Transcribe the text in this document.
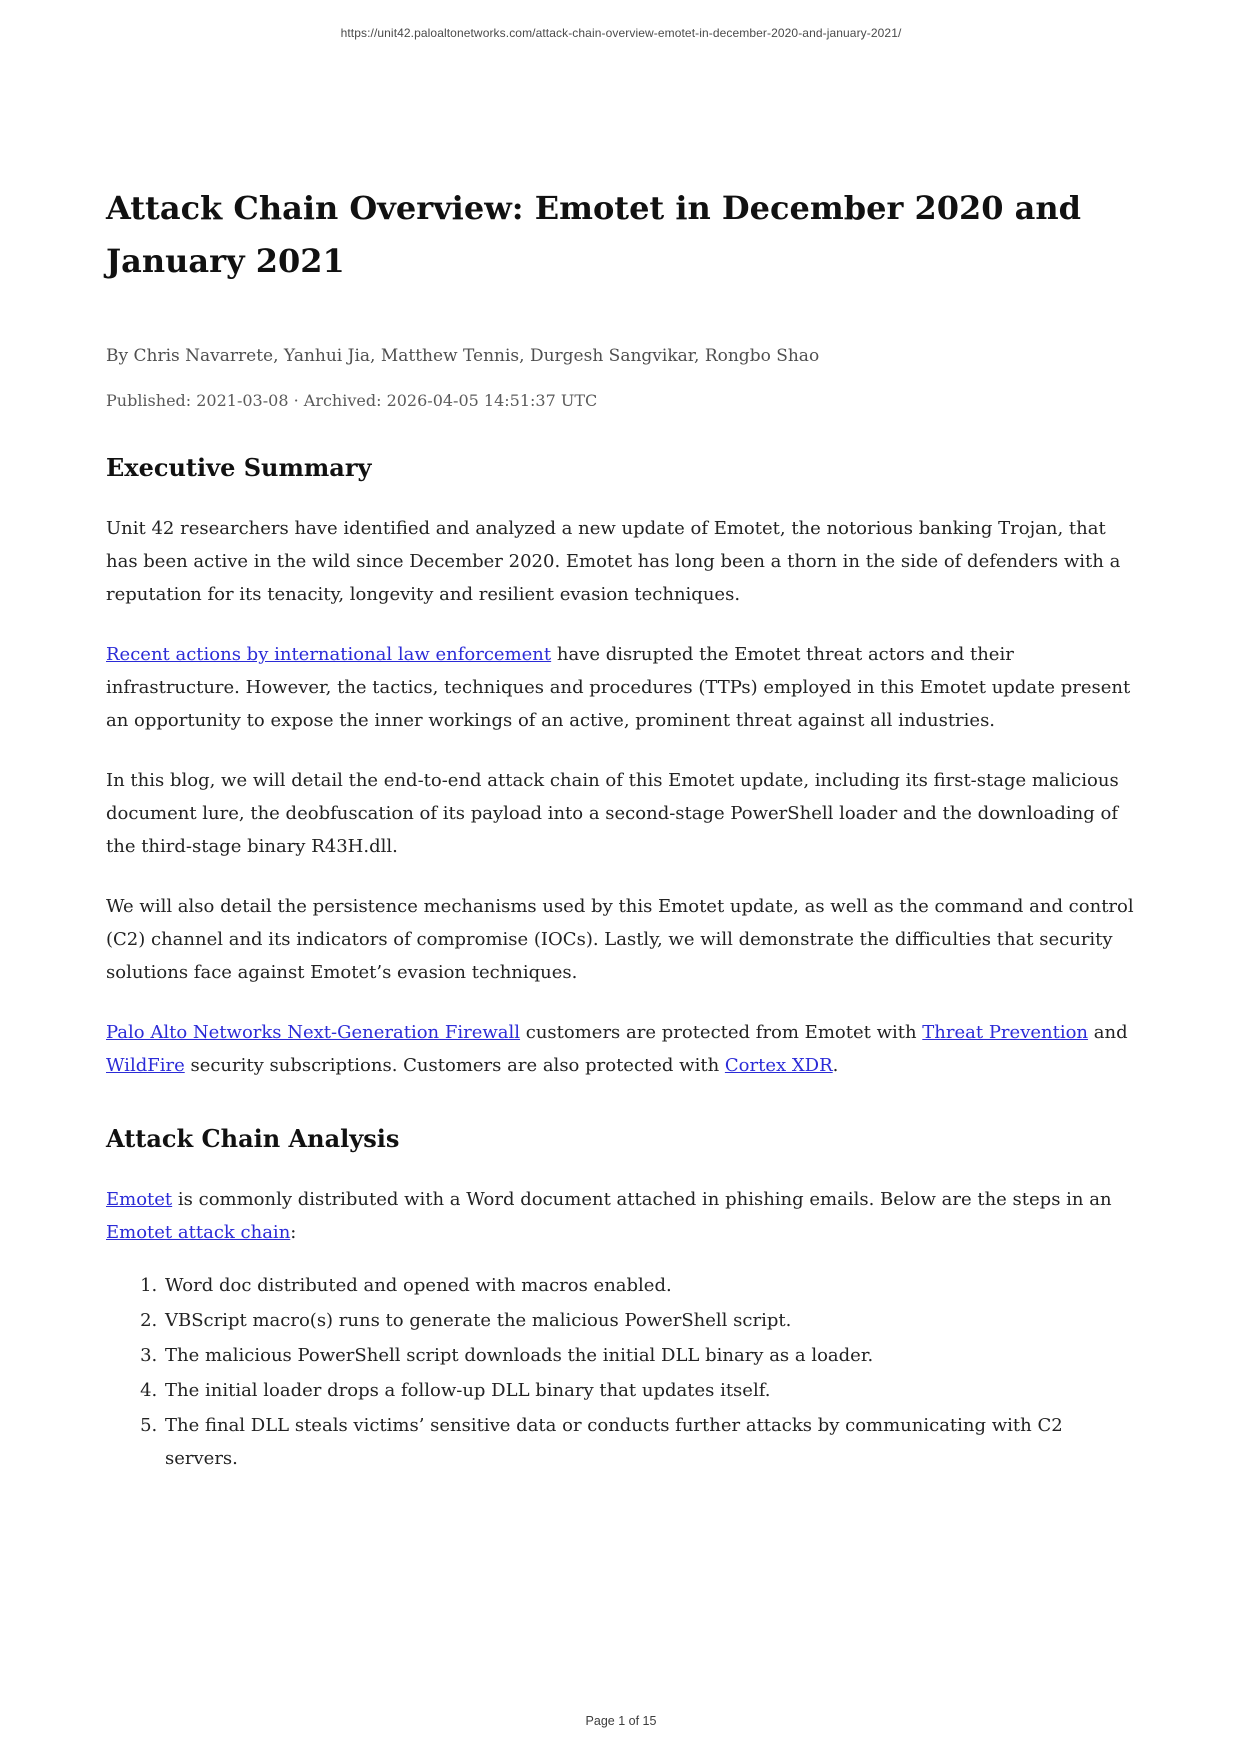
https://unit42.paloaltonetworks.com/attack-chain-overview-emotet-in-december-2020-and-january-2021/
Attack Chain Overview: Emotet in December 2020 and January 2021
By Chris Navarrete, Yanhui Jia, Matthew Tennis, Durgesh Sangvikar, Rongbo Shao
Published: 2021-03-08 · Archived: 2026-04-05 14:51:37 UTC
Executive Summary

Unit 42 researchers have identified and analyzed a new update of Emotet, the notorious banking Trojan, that has been active in the wild since December 2020. Emotet has long been a thorn in the side of defenders with a reputation for its tenacity, longevity and resilient evasion techniques.

Recent actions by international law enforcement have disrupted the Emotet threat actors and their infrastructure. However, the tactics, techniques and procedures (TTPs) employed in this Emotet update present an opportunity to expose the inner workings of an active, prominent threat against all industries.

In this blog, we will detail the end-to-end attack chain of this Emotet update, including its first-stage malicious document lure, the deobfuscation of its payload into a second-stage PowerShell loader and the downloading of the third-stage binary R43H.dll.

We will also detail the persistence mechanisms used by this Emotet update, as well as the command and control (C2) channel and its indicators of compromise (IOCs). Lastly, we will demonstrate the difficulties that security solutions face against Emotet’s evasion techniques.

Palo Alto Networks Next-Generation Firewall customers are protected from Emotet with Threat Prevention and WildFire security subscriptions. Customers are also protected with Cortex XDR.

Attack Chain Analysis

Emotet is commonly distributed with a Word document attached in phishing emails. Below are the steps in an Emotet attack chain:

1. Word doc distributed and opened with macros enabled.
2. VBScript macro(s) runs to generate the malicious PowerShell script.
3. The malicious PowerShell script downloads the initial DLL binary as a loader.
4. The initial loader drops a follow-up DLL binary that updates itself.
5. The final DLL steals victims’ sensitive data or conducts further attacks by communicating with C2 servers.
Page 1 of 15
